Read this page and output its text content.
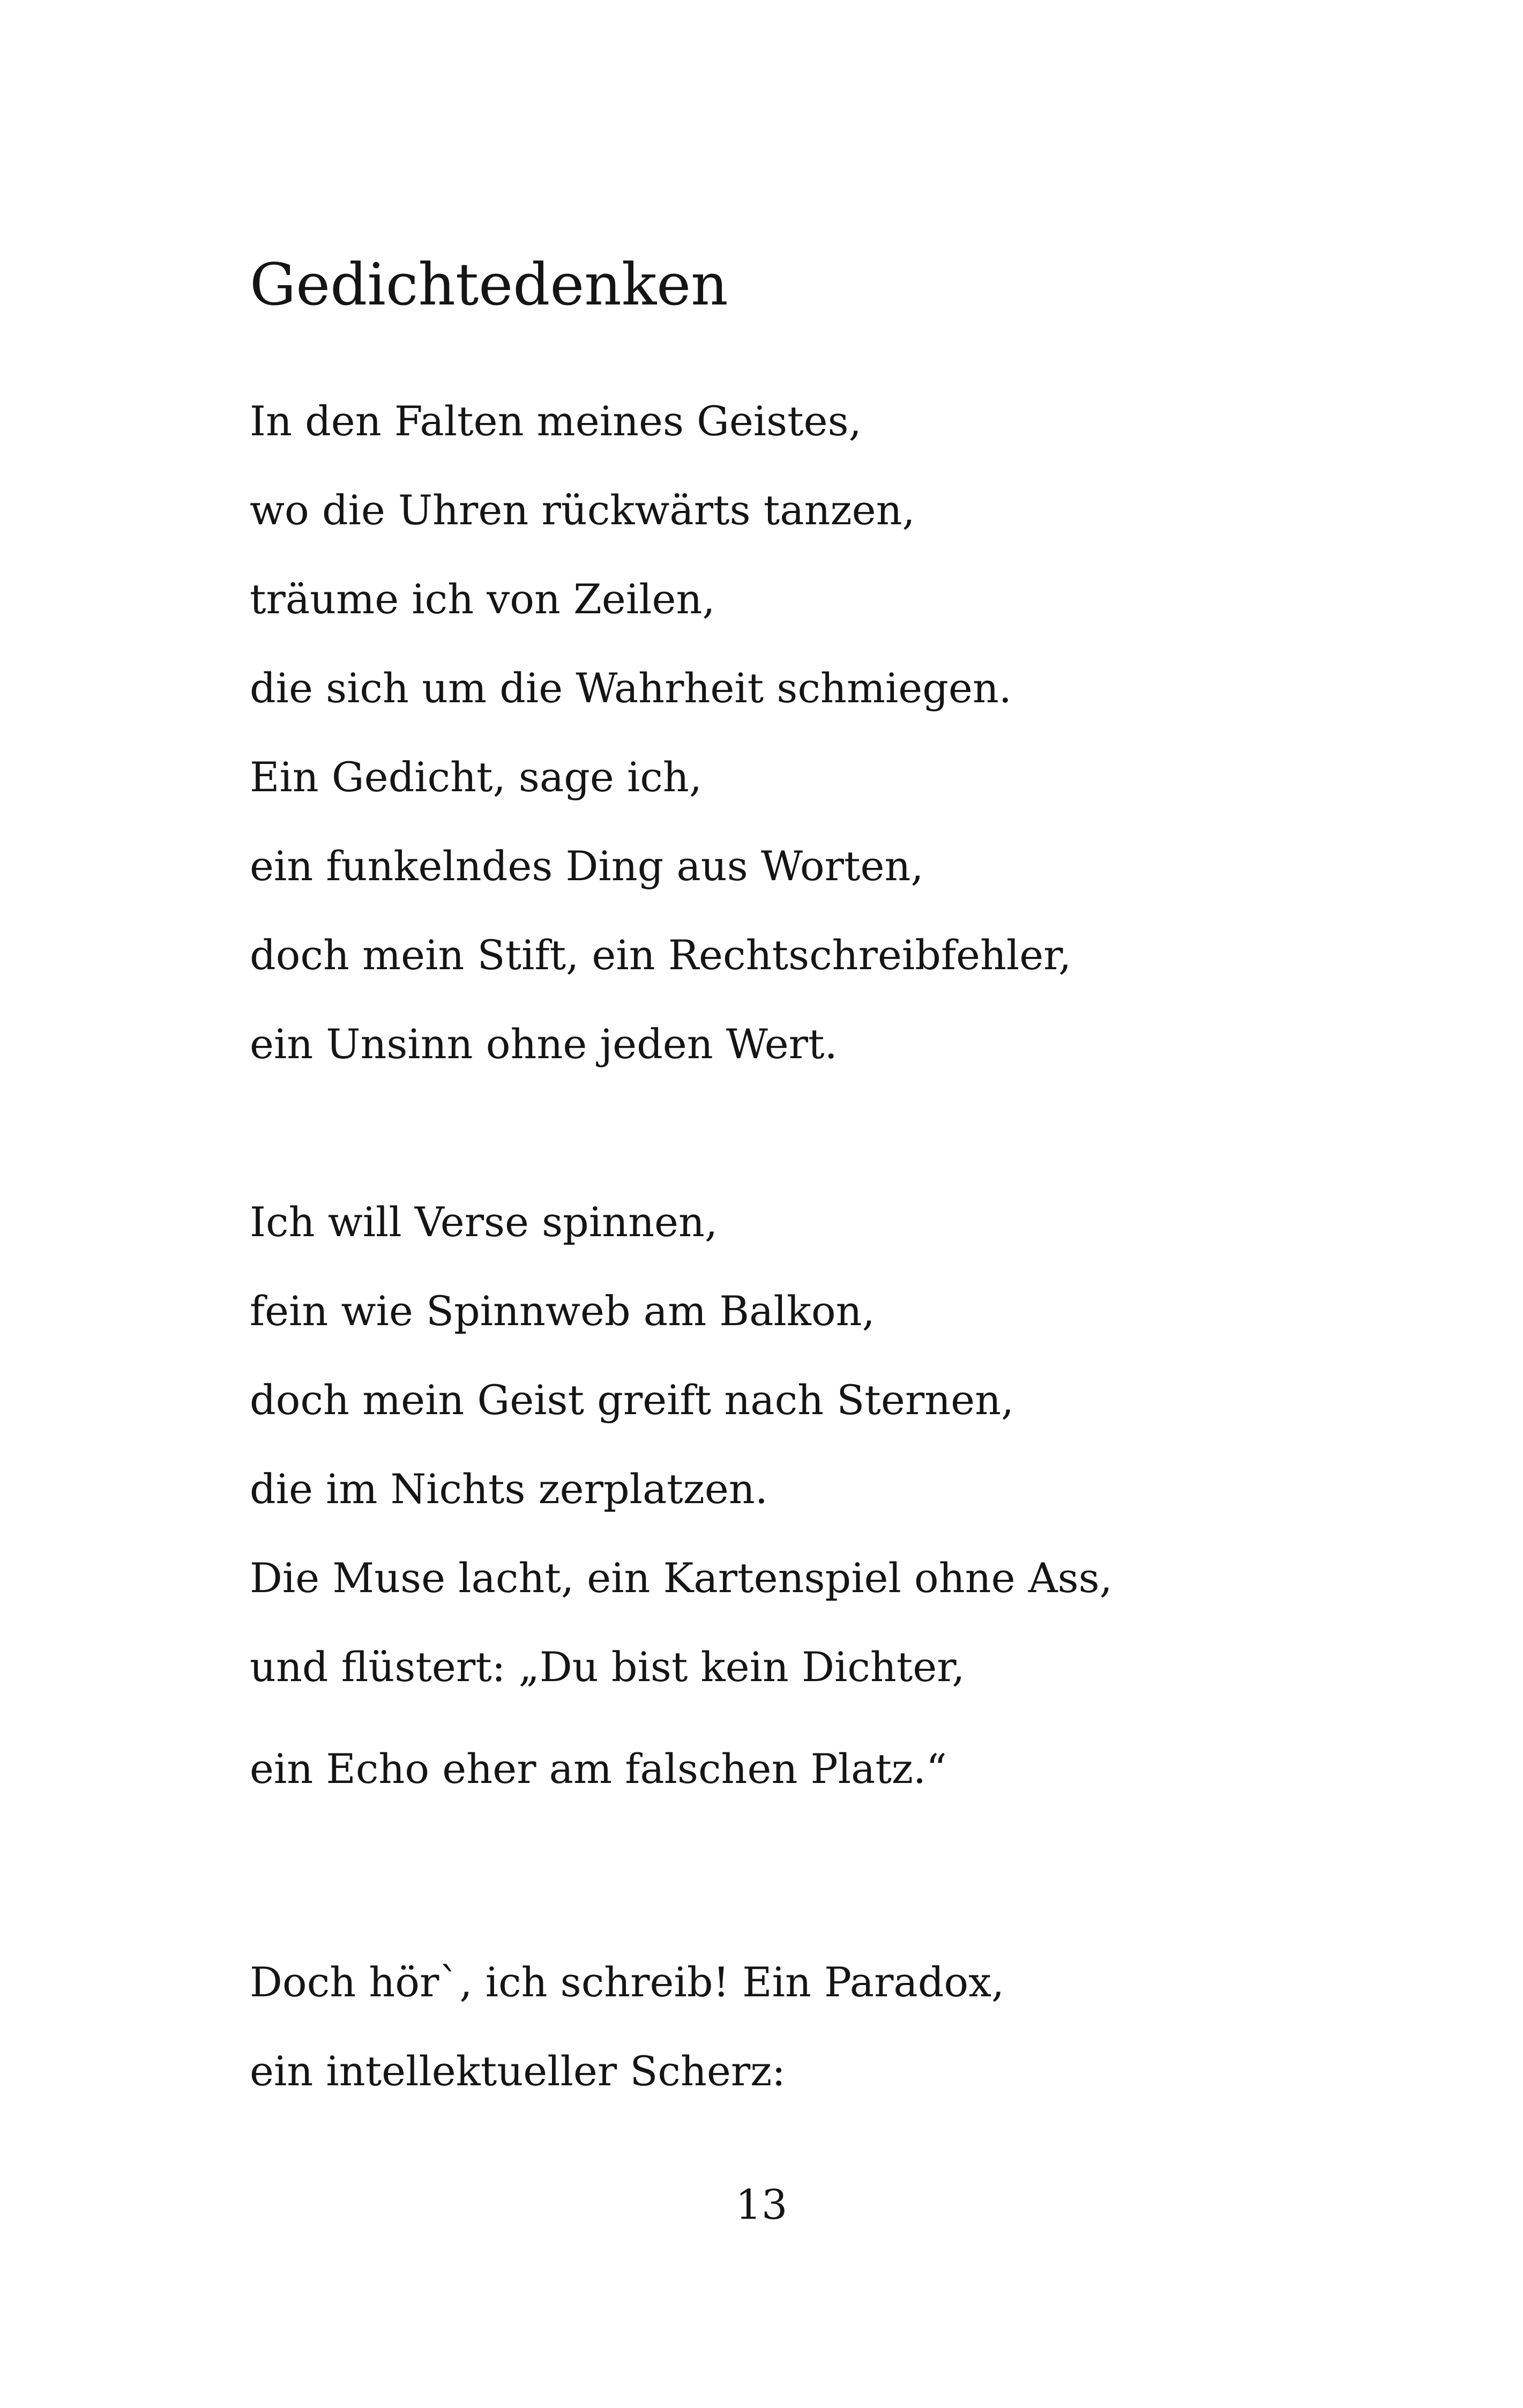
Gedichtedenken

In den Falten meines Geistes,

wo die Uhren rückwärts tanzen,

träume ich von Zeilen,

die sich um die Wahrheit schmiegen.

Ein Gedicht, sage ich,

ein funkelndes Ding aus Worten,

doch mein Stift, ein Rechtschreibfehler,

ein Unsinn ohne jeden Wert.

Ich will Verse spinnen,

fein wie Spinnweb am Balkon,

doch mein Geist greift nach Sternen,

die im Nichts zerplatzen.

Die Muse lacht, ein Kartenspiel ohne Ass,

und flüstert: „Du bist kein Dichter,

ein Echo eher am falschen Platz.“

Doch hör`, ich schreib! Ein Paradox,

ein intellektueller Scherz:

13
